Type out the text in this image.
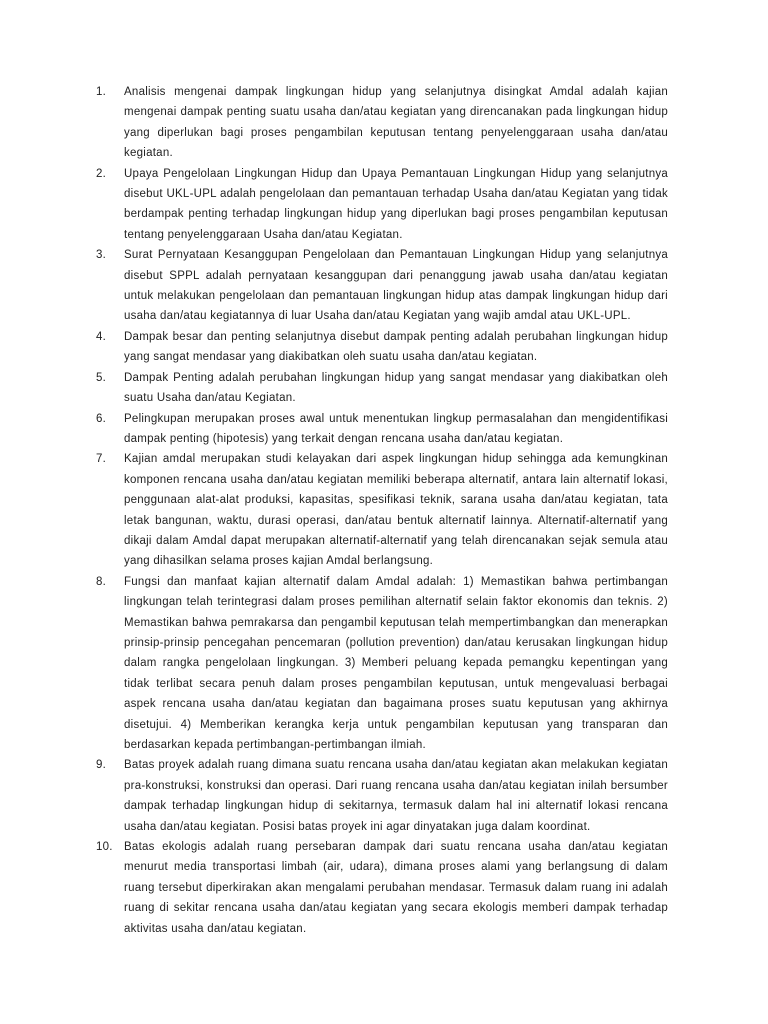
1.	Analisis mengenai dampak lingkungan hidup yang selanjutnya disingkat Amdal adalah kajian mengenai dampak penting suatu usaha dan/atau kegiatan yang direncanakan pada lingkungan hidup yang diperlukan bagi proses pengambilan keputusan tentang penyelenggaraan usaha dan/atau kegiatan.
2.	Upaya Pengelolaan Lingkungan Hidup dan Upaya Pemantauan Lingkungan Hidup yang selanjutnya disebut UKL-UPL adalah pengelolaan dan pemantauan terhadap Usaha dan/atau Kegiatan yang tidak berdampak penting terhadap lingkungan hidup yang diperlukan bagi proses pengambilan keputusan tentang penyelenggaraan Usaha dan/atau Kegiatan.
3.	Surat Pernyataan Kesanggupan Pengelolaan dan Pemantauan Lingkungan Hidup yang selanjutnya disebut SPPL adalah pernyataan kesanggupan dari penanggung jawab usaha dan/atau kegiatan untuk melakukan pengelolaan dan pemantauan lingkungan hidup atas dampak lingkungan hidup dari usaha dan/atau kegiatannya di luar Usaha dan/atau Kegiatan yang wajib amdal atau UKL-UPL.
4.	Dampak besar dan penting selanjutnya disebut dampak penting adalah perubahan lingkungan hidup yang sangat mendasar yang diakibatkan oleh suatu usaha dan/atau kegiatan.
5.	Dampak Penting adalah perubahan lingkungan hidup yang sangat mendasar yang diakibatkan oleh suatu Usaha dan/atau Kegiatan.
6.	Pelingkupan merupakan proses awal untuk menentukan lingkup permasalahan dan mengidentifikasi dampak penting (hipotesis) yang terkait dengan rencana usaha dan/atau kegiatan.
7.	Kajian amdal merupakan studi kelayakan dari aspek lingkungan hidup sehingga ada kemungkinan komponen rencana usaha dan/atau kegiatan memiliki beberapa alternatif, antara lain alternatif lokasi, penggunaan alat-alat produksi, kapasitas, spesifikasi teknik, sarana usaha dan/atau kegiatan, tata letak bangunan, waktu, durasi operasi, dan/atau bentuk alternatif lainnya. Alternatif-alternatif yang dikaji dalam Amdal dapat merupakan alternatif-alternatif yang telah direncanakan sejak semula atau yang dihasilkan selama proses kajian Amdal berlangsung.
8.	Fungsi dan manfaat kajian alternatif dalam Amdal adalah: 1) Memastikan bahwa pertimbangan lingkungan telah terintegrasi dalam proses pemilihan alternatif selain faktor ekonomis dan teknis. 2) Memastikan bahwa pemrakarsa dan pengambil keputusan telah mempertimbangkan dan menerapkan prinsip-prinsip pencegahan pencemaran (pollution prevention) dan/atau kerusakan lingkungan hidup dalam rangka pengelolaan lingkungan. 3) Memberi peluang kepada pemangku kepentingan yang tidak terlibat secara penuh dalam proses pengambilan keputusan, untuk mengevaluasi berbagai aspek rencana usaha dan/atau kegiatan dan bagaimana proses suatu keputusan yang akhirnya disetujui. 4) Memberikan kerangka kerja untuk pengambilan keputusan yang transparan dan berdasarkan kepada pertimbangan-pertimbangan ilmiah.
9.	Batas proyek adalah ruang dimana suatu rencana usaha dan/atau kegiatan akan melakukan kegiatan pra-konstruksi, konstruksi dan operasi. Dari ruang rencana usaha dan/atau kegiatan inilah bersumber dampak terhadap lingkungan hidup di sekitarnya, termasuk dalam hal ini alternatif lokasi rencana usaha dan/atau kegiatan. Posisi batas proyek ini agar dinyatakan juga dalam koordinat.
10. Batas ekologis adalah ruang persebaran dampak dari suatu rencana usaha dan/atau kegiatan menurut media transportasi limbah (air, udara), dimana proses alami yang berlangsung di dalam ruang tersebut diperkirakan akan mengalami perubahan mendasar. Termasuk dalam ruang ini adalah ruang di sekitar rencana usaha dan/atau kegiatan yang secara ekologis memberi dampak terhadap aktivitas usaha dan/atau kegiatan.
